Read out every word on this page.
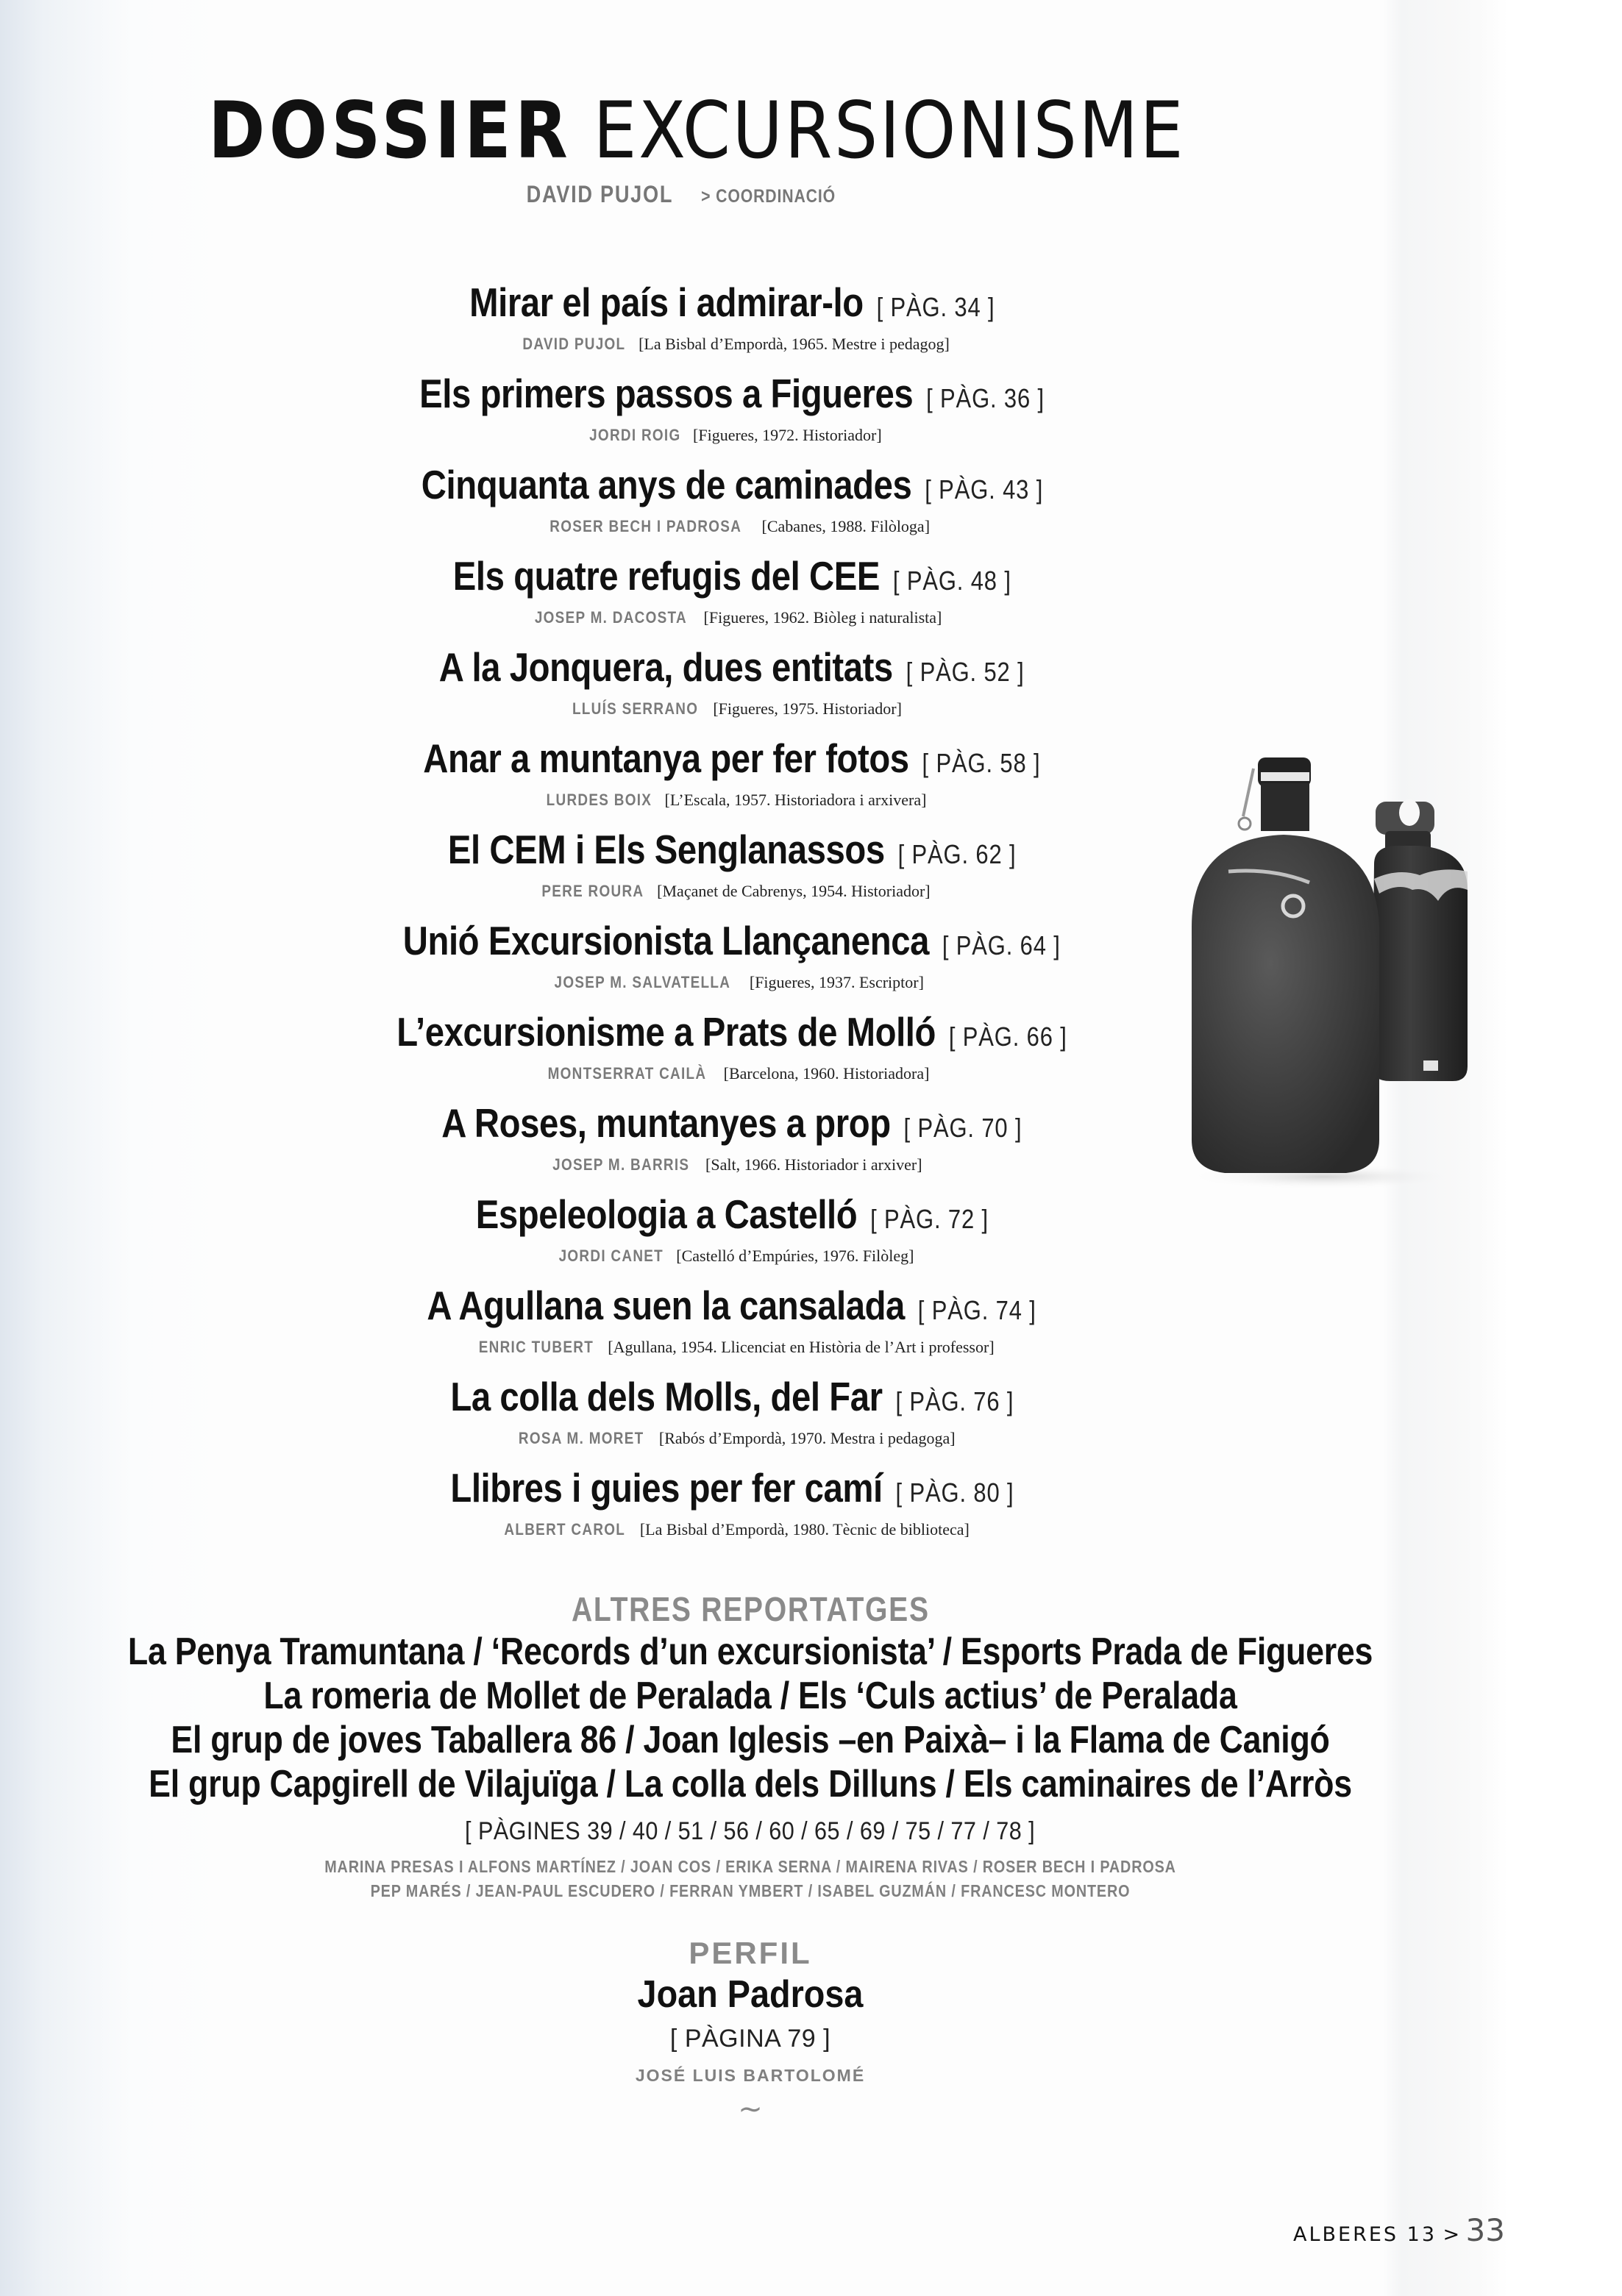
DOSSIER EXCURSIONISME
DAVID PUJOL > COORDINACIÓ
Mirar el país i admirar-lo [ PÀG. 34 ]
DAVID PUJOL [La Bisbal d’Empordà, 1965. Mestre i pedagog]
Els primers passos a Figueres [ PÀG. 36 ]
JORDI ROIG [Figueres, 1972. Historiador]
Cinquanta anys de caminades [ PÀG. 43 ]
ROSER BECH I PADROSA [Cabanes, 1988. Filòloga]
Els quatre refugis del CEE [ PÀG. 48 ]
JOSEP M. DACOSTA [Figueres, 1962. Biòleg i naturalista]
A la Jonquera, dues entitats [ PÀG. 52 ]
LLUÍS SERRANO [Figueres, 1975. Historiador]
Anar a muntanya per fer fotos [ PÀG. 58 ]
LURDES BOIX [L’Escala, 1957. Historiadora i arxivera]
El CEM i Els Senglanassos [ PÀG. 62 ]
PERE ROURA [Maçanet de Cabrenys, 1954. Historiador]
Unió Excursionista Llançanenca [ PÀG. 64 ]
JOSEP M. SALVATELLA [Figueres, 1937. Escriptor]
L’excursionisme a Prats de Molló [ PÀG. 66 ]
MONTSERRAT CAILÀ [Barcelona, 1960. Historiadora]
A Roses, muntanyes a prop [ PÀG. 70 ]
JOSEP M. BARRIS [Salt, 1966. Historiador i arxiver]
Espeleologia a Castelló [ PÀG. 72 ]
JORDI CANET [Castelló d’Empúries, 1976. Filòleg]
A Agullana suen la cansalada [ PÀG. 74 ]
ENRIC TUBERT [Agullana, 1954. Llicenciat en Història de l’Art i professor]
La colla dels Molls, del Far [ PÀG. 76 ]
ROSA M. MORET [Rabós d’Empordà, 1970. Mestra i pedagoga]
Llibres i guies per fer camí [ PÀG. 80 ]
ALBERT CAROL [La Bisbal d’Empordà, 1980. Tècnic de biblioteca]
ALTRES REPORTATGES
La Penya Tramuntana / ‘Records d’un excursionista’ / Esports Prada de Figueres
La romeria de Mollet de Peralada / Els ‘Culs actius’ de Peralada
El grup de joves Taballera 86 / Joan Iglesis –en Paixà– i la Flama de Canigó
El grup Capgirell de Vilajuïga / La colla dels Dilluns / Els caminaires de l’Arròs
[ PÀGINES 39 / 40 / 51 / 56 / 60 / 65 / 69 / 75 / 77 / 78 ]
MARINA PRESAS I ALFONS MARTÍNEZ / JOAN COS / ERIKA SERNA / MAIRENA RIVAS / ROSER BECH I PADROSA
PEP MARÉS / JEAN-PAUL ESCUDERO / FERRAN YMBERT / ISABEL GUZMÁN / FRANCESC MONTERO
PERFIL
Joan Padrosa
[ PÀGINA 79 ]
JOSÉ LUIS BARTOLOMÉ
∼
ALBERES 13 > 33
